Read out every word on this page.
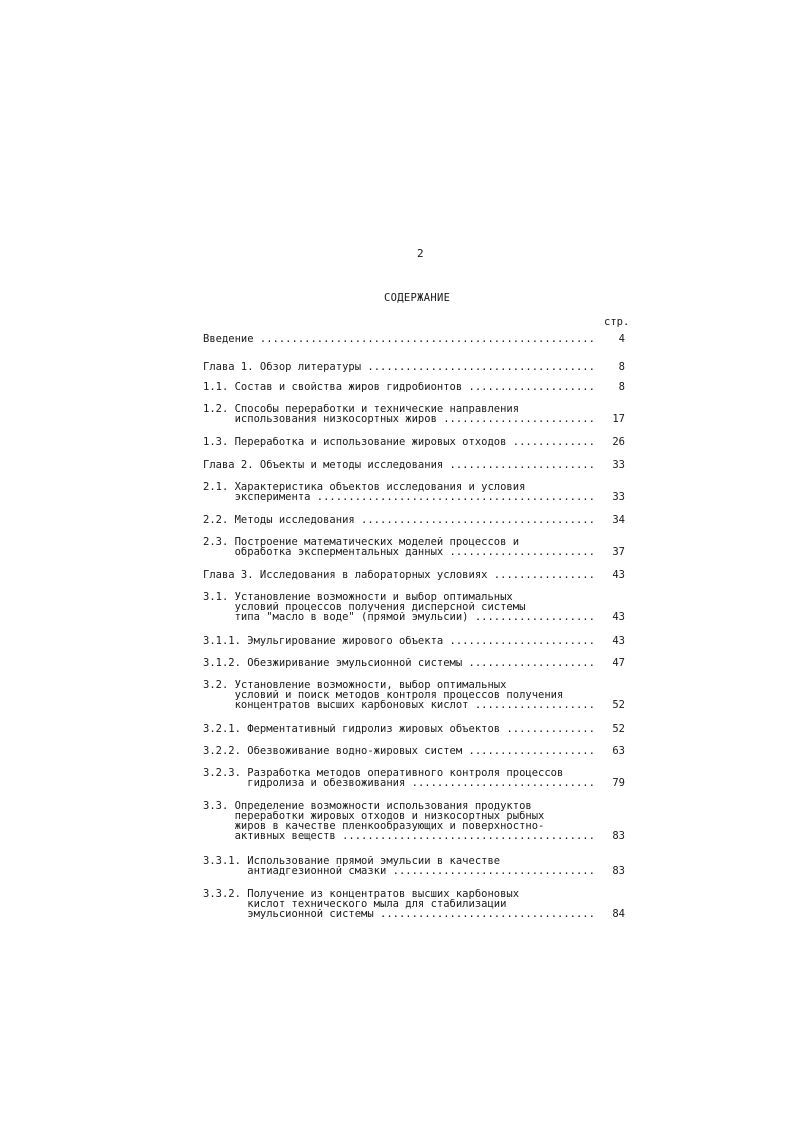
2
СОДЕРЖАНИЕ
стр.
Введение .....	4
Глава 1. Обзор литературы .....	8
1.1. Состав и свойства жиров гидробионтов .....	8
1.2. Способы переработки и технические направления
использования низкосортных жиров .....	17
1.3. Переработка и использование жировых отходов .....	26
Глава 2. Объекты и методы исследования .....	33
2.1. Характеристика объектов исследования и условия
эксперимента .....	33
2.2. Методы исследования .....	34
2.3. Построение математических моделей процессов и
обработка эксперментальных данных .....	37
Глава 3. Исследования в лабораторных условиях .....	43
3.1. Установление возможности и выбор оптимальных
условий процессов получения дисперсной системы
типа "масло в воде" (прямой эмульсии) .....	43
3.1.1. Эмульгирование жирового объекта .....	43
3.1.2. Обезжиривание эмульсионной системы .....	47
3.2. Установление возможности, выбор оптимальных
условий и поиск методов контроля процессов получения
концентратов высших карбоновых кислот .....	52
3.2.1. Ферментативный гидролиз жировых объектов .....	52
3.2.2. Обезвоживание водно-жировых систем .....	63
3.2.3. Разработка методов оперативного контроля процессов
гидролиза и обезвоживания .....	79
3.3. Определение возможности использования продуктов
переработки жировых отходов и низкосортных рыбных
жиров в качестве пленкообразующих и поверхностно-
активных веществ .....	83
3.3.1. Использование прямой эмульсии в качестве
антиадгезионной смазки .....	83
3.3.2. Получение из концентратов высших карбоновых
кислот технического мыла для стабилизации
эмульсионной системы .....	84
